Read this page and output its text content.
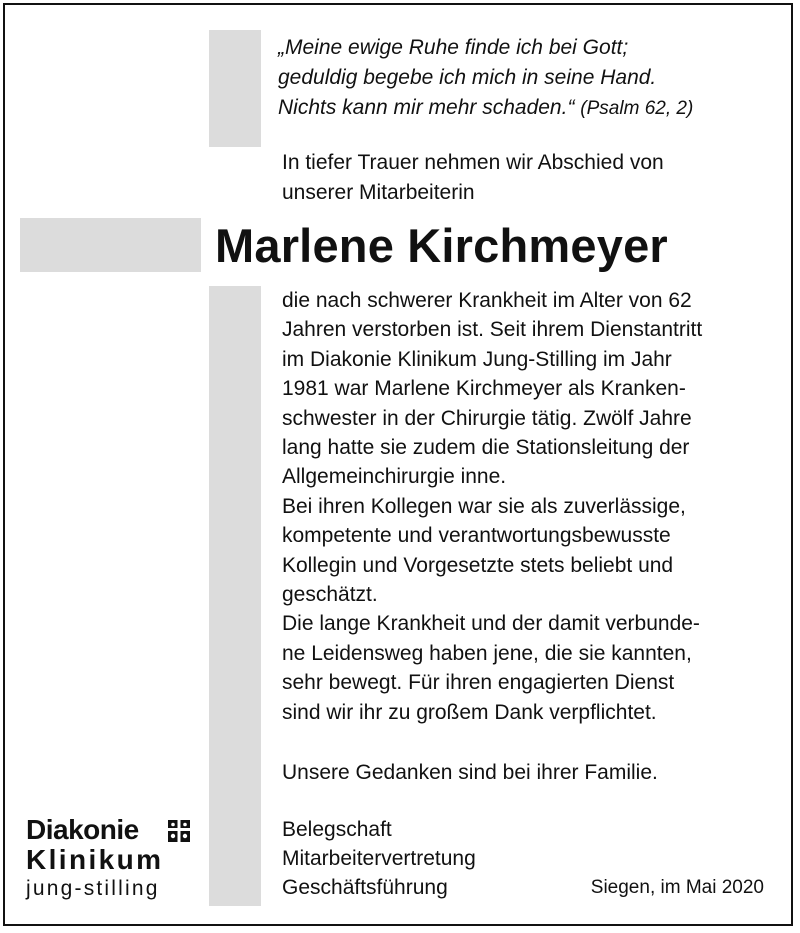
„Meine ewige Ruhe finde ich bei Gott;
geduldig begebe ich mich in seine Hand.
Nichts kann mir mehr schaden.“ (Psalm 62, 2)
In tiefer Trauer nehmen wir Abschied von
unserer Mitarbeiterin
Marlene Kirchmeyer
die nach schwerer Krankheit im Alter von 62
Jahren verstorben ist. Seit ihrem Dienstantritt
im Diakonie Klinikum Jung-Stilling im Jahr
1981 war Marlene Kirchmeyer als Kranken-
schwester in der Chirurgie tätig. Zwölf Jahre
lang hatte sie zudem die Stationsleitung der
Allgemeinchirurgie inne.
Bei ihren Kollegen war sie als zuverlässige,
kompetente und verantwortungsbewusste
Kollegin und Vorgesetzte stets beliebt und
geschätzt.
Die lange Krankheit und der damit verbunde-
ne Leidensweg haben jene, die sie kannten,
sehr bewegt. Für ihren engagierten Dienst
sind wir ihr zu großem Dank verpflichtet.
Unsere Gedanken sind bei ihrer Familie.
Belegschaft
Mitarbeitervertretung
Geschäftsführung	Siegen, im Mai 2020
Diakonie
Klinikum
jung-stilling
